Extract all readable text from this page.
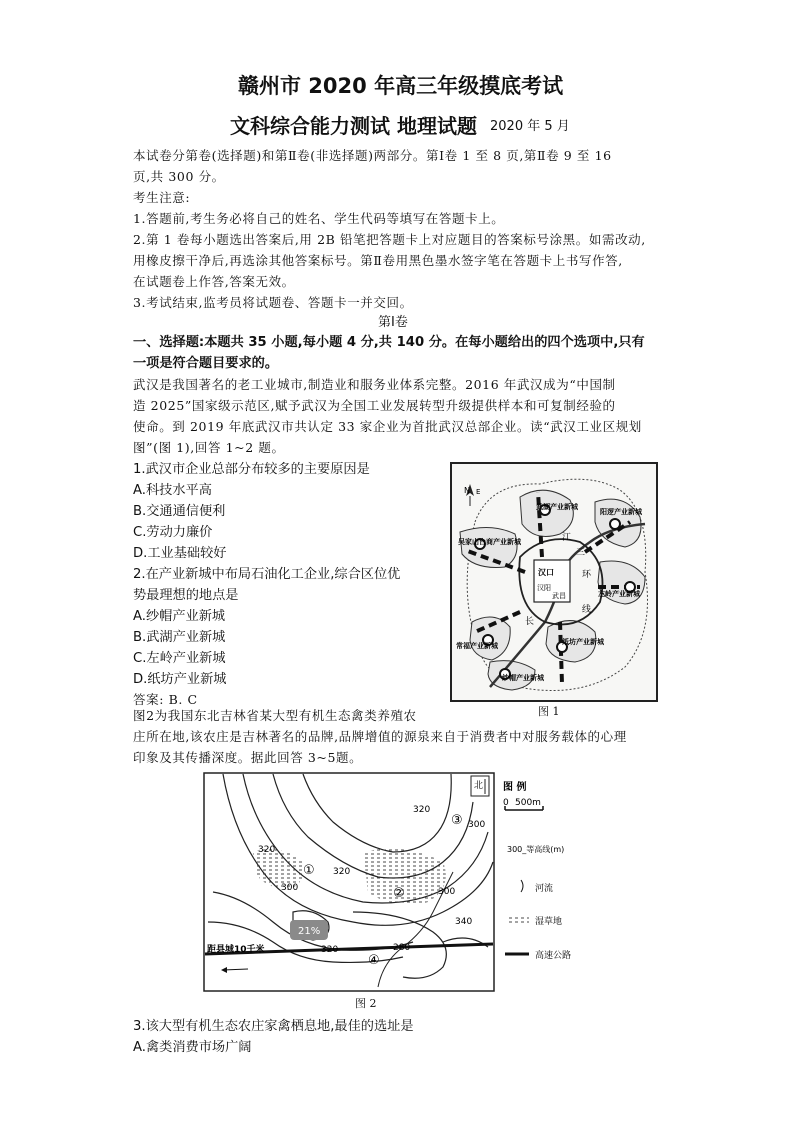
赣州市 2020 年高三年级摸底考试
文科综合能力测试 地理试题 2020 年 5 月
本试卷分第卷(选择题)和第Ⅱ卷(非选择题)两部分。第Ⅰ卷 1 至 8 页,第Ⅱ卷 9 至 16
页,共 300 分。
考生注意:
1.答题前,考生务必将自己的姓名、学生代码等填写在答题卡上。
2.第 1 卷每小题选出答案后,用 2B 铅笔把答题卡上对应题目的答案标号涂黑。如需改动,
用橡皮擦干净后,再选涂其他答案标号。第Ⅱ卷用黑色墨水签字笔在答题卡上书写作答,
在试题卷上作答,答案无效。
3.考试结束,监考员将试题卷、答题卡一并交回。
第Ⅰ卷
一、选择题:本题共 35 小题,每小题 4 分,共 140 分。在每小题给出的四个选项中,只有
一项是符合题目要求的。
武汉是我国著名的老工业城市,制造业和服务业体系完整。2016 年武汉成为“中国制
造 2025”国家级示范区,赋予武汉为全国工业发展转型升级提供样本和可复制经验的
使命。到 2019 年底武汉市共认定 33 家企业为首批武汉总部企业。读“武汉工业区规划
图”(图 1),回答 1~2 题。
1.武汉市企业总部分布较多的主要原因是
A.科技水平高
B.交通通信便利
C.劳动力廉价
D.工业基础较好
2.在产业新城中布局石油化工企业,综合区位优
势最理想的地点是
A.纱帽产业新城
B.武湖产业新城
C.左岭产业新城
D.纸坊产业新城
答案: B. C
N E
武湖产业新城
阳逻产业新城
吴家山台商产业新城
汉口
汉阳
武昌	左岭产业新城
常福产业新城	纸坊产业新城
纱帽产业新城
江
长
三
环
线
图 1
图2为我国东北吉林省某大型有机生态禽类养殖农
庄所在地,该农庄是吉林著名的品牌,品牌增值的源泉来自于消费者中对服务载体的心理
印象及其传播深度。据此回答 3~5题。
21%
320
300
320
300
320
300
340
280
320
①
②
③
④
距县城10千米
北 图 例
0 500m
300_等高线(m)
河流
湿草地
高速公路
图 2
3.该大型有机生态农庄家禽栖息地,最佳的选址是
A.禽类消费市场广阔
